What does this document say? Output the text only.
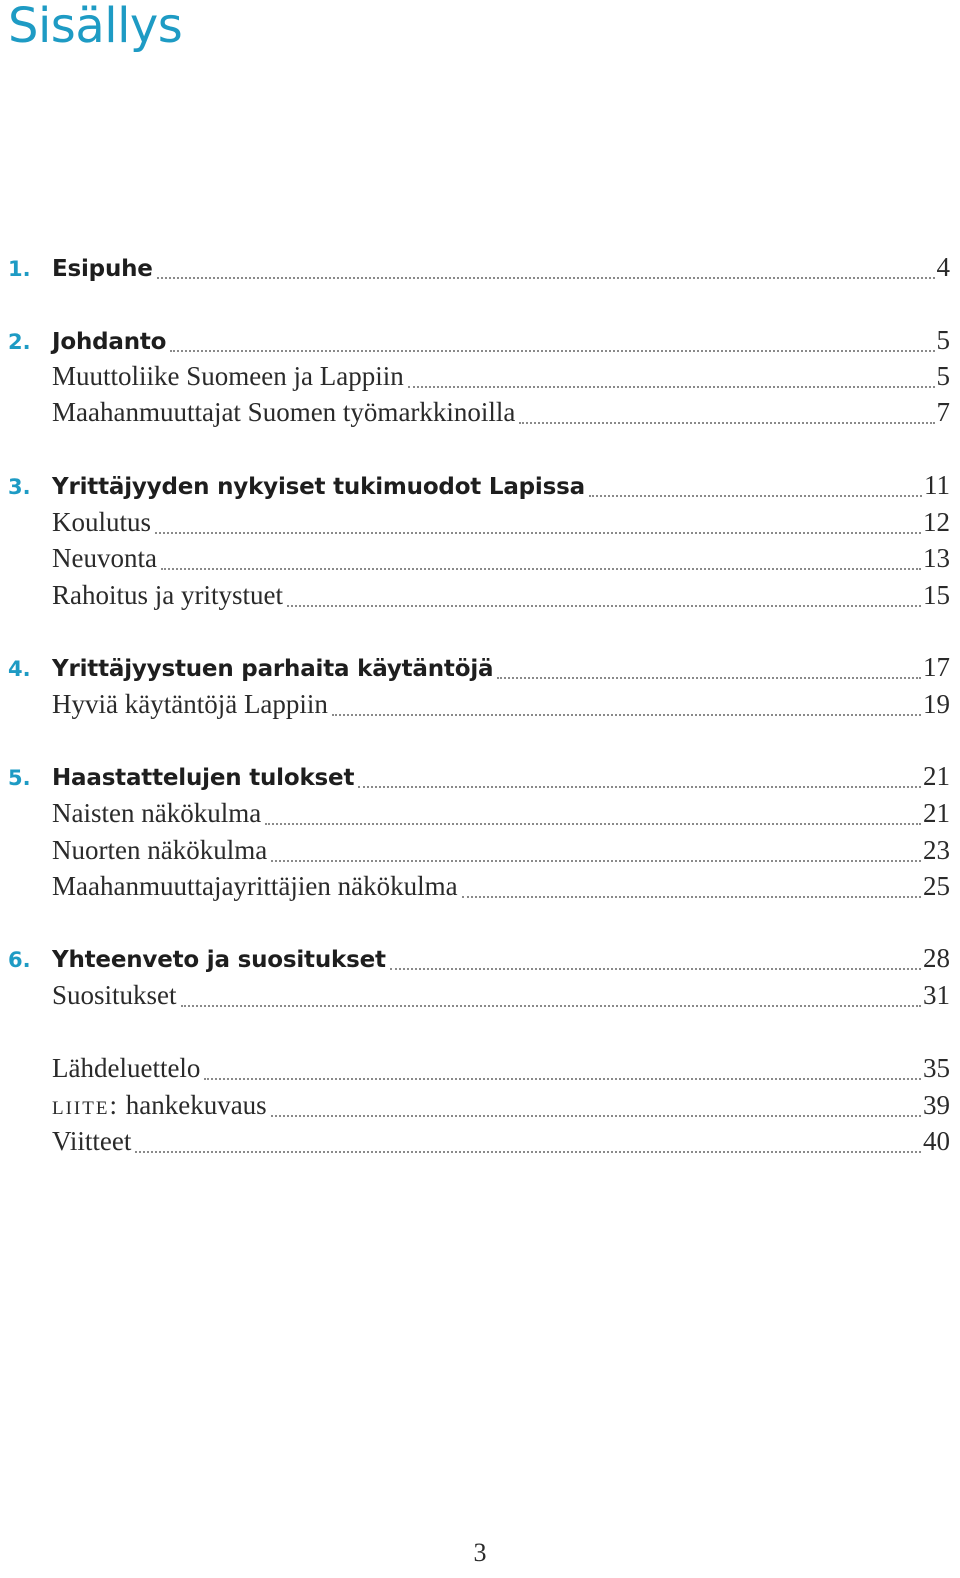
Sisällys
1. Esipuhe	4
2. Johdanto	5
Muuttoliike Suomeen ja Lappiin	5
Maahanmuuttajat Suomen työmarkkinoilla	7
3. Yrittäjyyden nykyiset tukimuodot Lapissa	11
Koulutus	12
Neuvonta	13
Rahoitus ja yritystuet	15
4. Yrittäjyystuen parhaita käytäntöjä	17
Hyviä käytäntöjä Lappiin	19
5. Haastattelujen tulokset	21
Naisten näkökulma	21
Nuorten näkökulma	23
Maahanmuuttajayrittäjien näkökulma	25
6. Yhteenveto ja suositukset	28
Suositukset	31
Lähdeluettelo	35
liite: hankekuvaus	39
Viitteet	40
3
